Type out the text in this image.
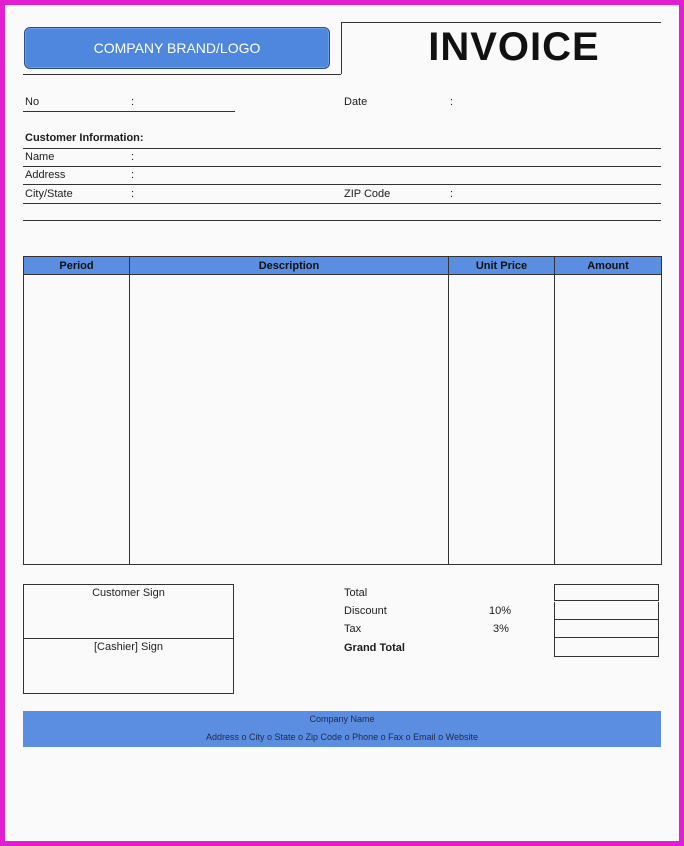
COMPANY BRAND/LOGO	INVOICE
No	:	Date	:
Customer Information:
Name	:
Address	:
City/State	:	ZIP Code	:
Period	Description	Unit Price	Amount

Customer Sign
[Cashier] Sign
Total
Discount	10%
Tax	3%
Grand Total
Company Name
Address o City o State o Zip Code o Phone o Fax o Email o Website
